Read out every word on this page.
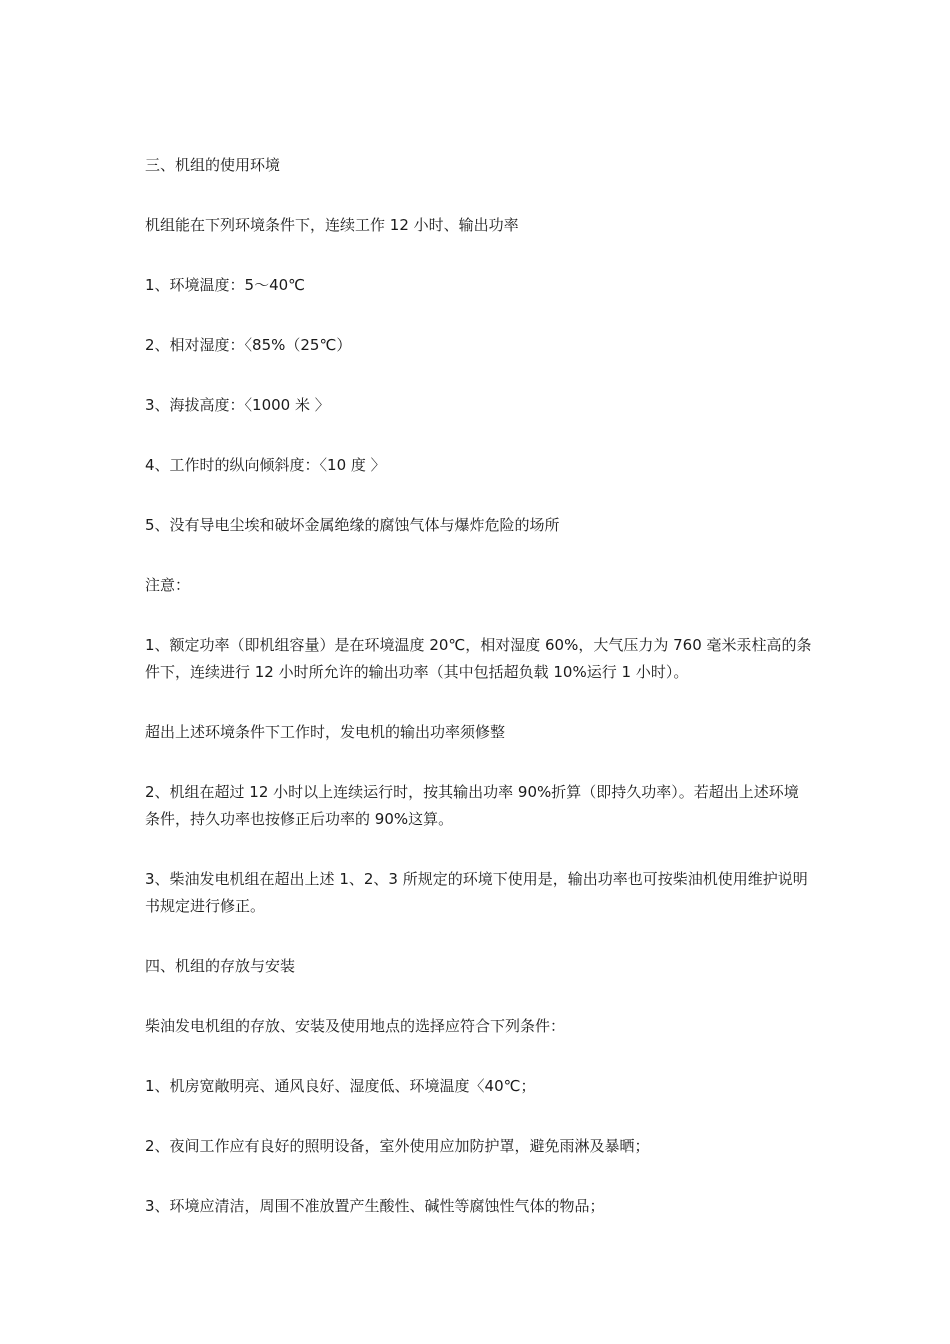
三、机组的使用环境

机组能在下列环境条件下，连续工作 12 小时、输出功率

1、环境温度：5～40℃

2、相对湿度：〈85%（25℃）

3、海拔高度：〈1000 米 〉

4、工作时的纵向倾斜度：〈10 度 〉

5、没有导电尘埃和破坏金属绝缘的腐蚀气体与爆炸危险的场所

注意：

1、额定功率（即机组容量）是在环境温度 20℃，相对湿度 60%，大气压力为 760 毫米汞柱高的条件下，连续进行 12 小时所允许的输出功率（其中包括超负载 10%运行 1 小时）。

超出上述环境条件下工作时，发电机的输出功率须修整

2、机组在超过 12 小时以上连续运行时，按其输出功率 90%折算（即持久功率）。若超出上述环境条件，持久功率也按修正后功率的 90%这算。

3、柴油发电机组在超出上述 1、2、3 所规定的环境下使用是，输出功率也可按柴油机使用维护说明书规定进行修正。

四、机组的存放与安装

柴油发电机组的存放、安装及使用地点的选择应符合下列条件：

1、机房宽敞明亮、通风良好、湿度低、环境温度〈40℃；

2、夜间工作应有良好的照明设备，室外使用应加防护罩，避免雨淋及暴晒；

3、环境应清洁，周围不准放置产生酸性、碱性等腐蚀性气体的物品；
